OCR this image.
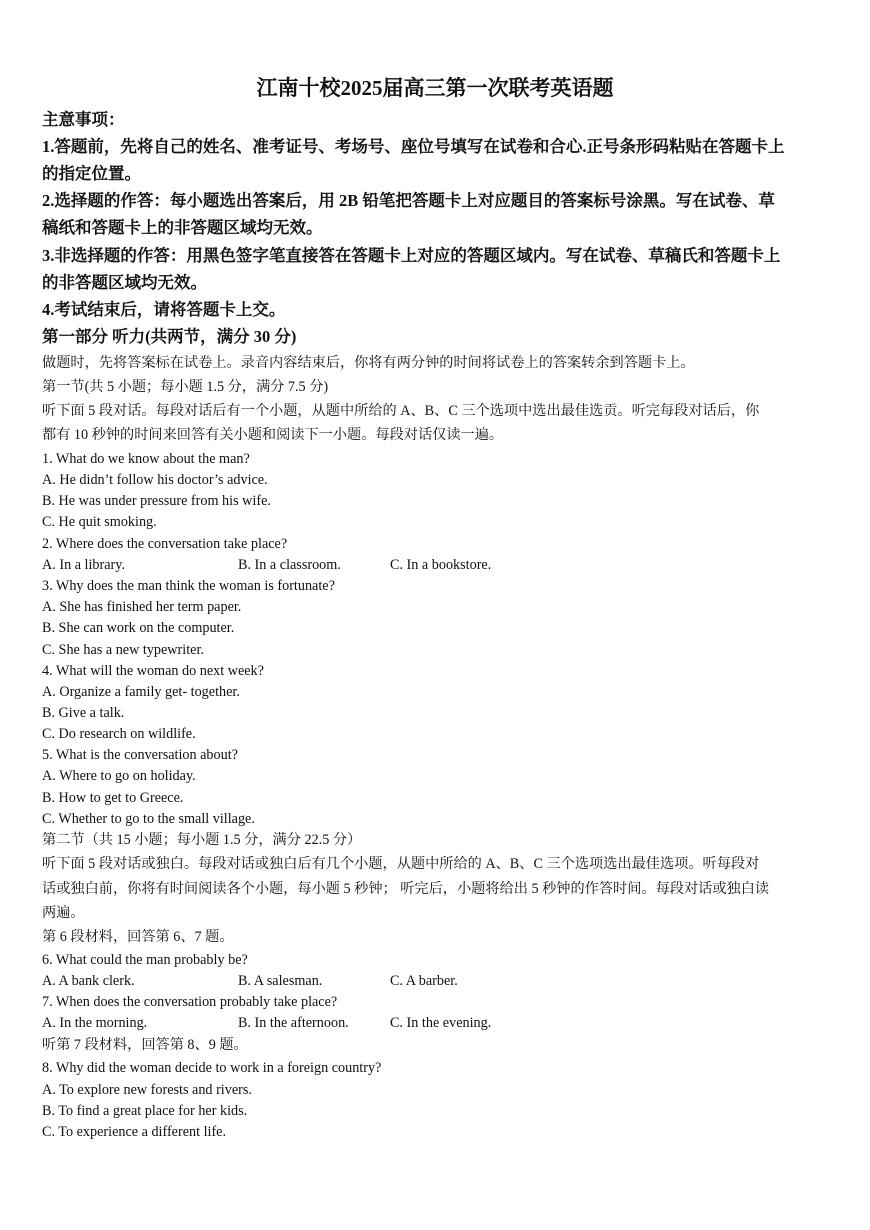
江南十校2025届高三第一次联考英语题
主意事项：
1.答题前，先将自己的姓名、准考证号、考场号、座位号填写在试卷和合心.正号条形码粘贴在答题卡上
的指定位置。
2.选择题的作答：每小题选出答案后，用 2B 铅笔把答题卡上对应题目的答案标号涂黑。写在试卷、草
稿纸和答题卡上的非答题区域均无效。
3.非选择题的作答：用黑色签字笔直接答在答题卡上对应的答题区域内。写在试卷、草稿氏和答题卡上
的非答题区域均无效。
4.考试结束后，请将答题卡上交。
第一部分 听力(共两节，满分 30 分)
做题时，先将答案标在试卷上。录音内容结束后，你将有两分钟的时间将试卷上的答案转余到答题卡上。
第一节(共 5 小题；每小题 1.5 分，满分 7.5 分)
听下面 5 段对话。每段对话后有一个小题，从题中所给的 A、B、C 三个选项中选出最佳选贡。听完每段对话后，你
都有 10 秒钟的时间来回答有关小题和阅读下一小题。每段对话仅读一遍。
1. What do we know about the man?
A. He didn’t follow his doctor’s advice.
B. He was under pressure from his wife.
C. He quit smoking.
2. Where does the conversation take place?
A. In a library.	B. In a classroom.	C. In a bookstore.
3. Why does the man think the woman is fortunate?
A. She has finished her term paper.
B. She can work on the computer.
C. She has a new typewriter.
4. What will the woman do next week?
A. Organize a family get- together.
B. Give a talk.
C. Do research on wildlife.
5. What is the conversation about?
A. Where to go on holiday.
B. How to get to Greece.
C. Whether to go to the small village.
第二节（共 15 小题；每小题 1.5 分，满分 22.5 分）
听下面 5 段对话或独白。每段对话或独白后有几个小题，从题中所给的 A、B、C 三个选项选出最佳选项。听每段对
话或独白前，你将有时间阅读各个小题，每小题 5 秒钟； 听完后，小题将给出 5 秒钟的作答时间。每段对话或独白读
两遍。
第 6 段材料，回答第 6、7 题。
6. What could the man probably be?
A. A bank clerk.	B. A salesman.	C. A barber.
7. When does the conversation probably take place?
A. In the morning.	B. In the afternoon.	C. In the evening.
听第 7 段材料，回答第 8、9 题。
8. Why did the woman decide to work in a foreign country?
A. To explore new forests and rivers.
B. To find a great place for her kids.
C. To experience a different life.
